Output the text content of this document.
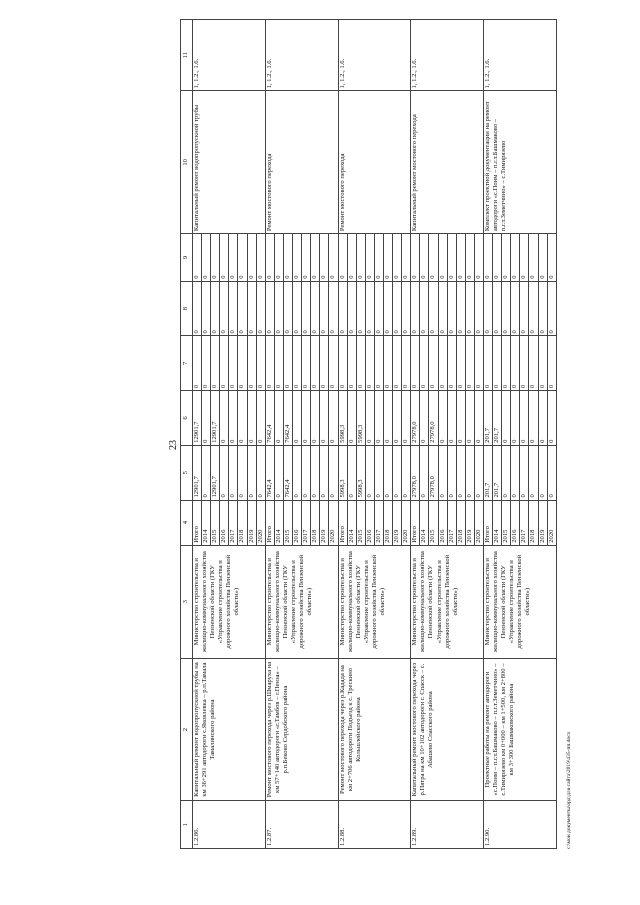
23
1	2	3	4	5	6	7	8	9	10	11
1.2.86.	Капитальный ремонт водопропускной трубы на км 36+291 автодороги с.Яковлевка – р.п.Тамала Тамалинского района	Министерство строительства и жилищно-коммунального хозяйства Пензенской области (ГКУ «Управление строительства и дорожного хозяйства Пензенской области»)	Итого	12901,7	12901,7	0	0	0	Капитальный ремонт водопропускной трубы	1, 1.2., 1.6.
			2014	0	0	0	0	0		
			2015	12901,7	12901,7	0	0	0		
			2016	0	0	0	0	0		
			2017	0	0	0	0	0		
			2018	0	0	0	0	0		
			2019	0	0	0	0	0		
			2020	0	0	0	0	0		
1.2.87.	Ремонт мостового перехода через р.Шмаруха на км 57+140 автодороги «г.Тамбов – г.Пенза» – р.п.Беково Сердобского района	Министерство строительства и жилищно-коммунального хозяйства Пензенской области (ГКУ «Управление строительства и дорожного хозяйства Пензенской области»)	Итого	7642,4	7642,4	0	0	0	Ремонт мостового перехода	1, 1.2., 1.6.
			2014	0	0	0	0	0		
			2015	7642,4	7642,4	0	0	0		
			2016	0	0	0	0	0		
			2017	0	0	0	0	0		
			2018	0	0	0	0	0		
			2019	0	0	0	0	0		
			2020	0	0	0	0	0		
1.2.88.	Ремонт мостового перехода через р.Кадада на км 2+706 автодороги Подъезд к с. Трескино Кольшлейского района	Министерство строительства и жилищно-коммунального хозяйства Пензенской области (ГКУ «Управление строительства и дорожного хозяйства Пензенской области»)	Итого	5998,3	5998,3	0	0	0	Ремонт мостового перехода	1, 1.2., 1.6.
			2014	0	0	0	0	0		
			2015	5998,3	5998,3	0	0	0		
			2016	0	0	0	0	0		
			2017	0	0	0	0	0		
			2018	0	0	0	0	0		
			2019	0	0	0	0	0		
			2020	0	0	0	0	0		
1.2.89.	Капитальный ремонт мостового перехода через р.Пятра на км 10+102 автодороги г. Спасск – с. Абашево Спасского района	Министерство строительства и жилищно-коммунального хозяйства Пензенской области (ГКУ «Управление строительства и дорожного хозяйства Пензенской области»)	Итого	27978,0	27978,0	0	0	0	Капитальный ремонт мостового перехода	1, 1.2., 1.6.
			2014	0	0	0	0	0		
			2015	27978,0	27978,0	0	0	0		
			2016	0	0	0	0	0		
			2017	0	0	0	0	0		
			2018	0	0	0	0	0		
			2019	0	0	0	0	0		
			2020	0	0	0	0	0		
1.2.90.	Проектные работы на ремонт автодороги «с.Поим – п.г.т.Башмаково – п.г.т.Земетчино» – с.Тимирязево км 0+000 – км 1+500, км 2+800 – км 3+300 Башмаковского района	Министерство строительства и жилищно-коммунального хозяйства Пензенской области (ГКУ «Управление строительства и дорожного хозяйства Пензенской области»)	Итого	201,7	201,7	0	0	0	Комплект проектной документации на ремонт автодороги «с.Поим – п.г.т.Башмаково – п.г.т.Земетчино» – с.Тимирязево	1, 1.2., 1.6.
			2014	201,7	201,7	0	0	0		
			2015	0	0	0	0	0		
			2016	0	0	0	0	0		
			2017	0	0	0	0	0		
			2018	0	0	0	0	0		
			2019	0	0	0	0	0		
			2020	0	0	0	0	0		
c:\мои документы\орд\для сайта\2019\435-пп.docx
